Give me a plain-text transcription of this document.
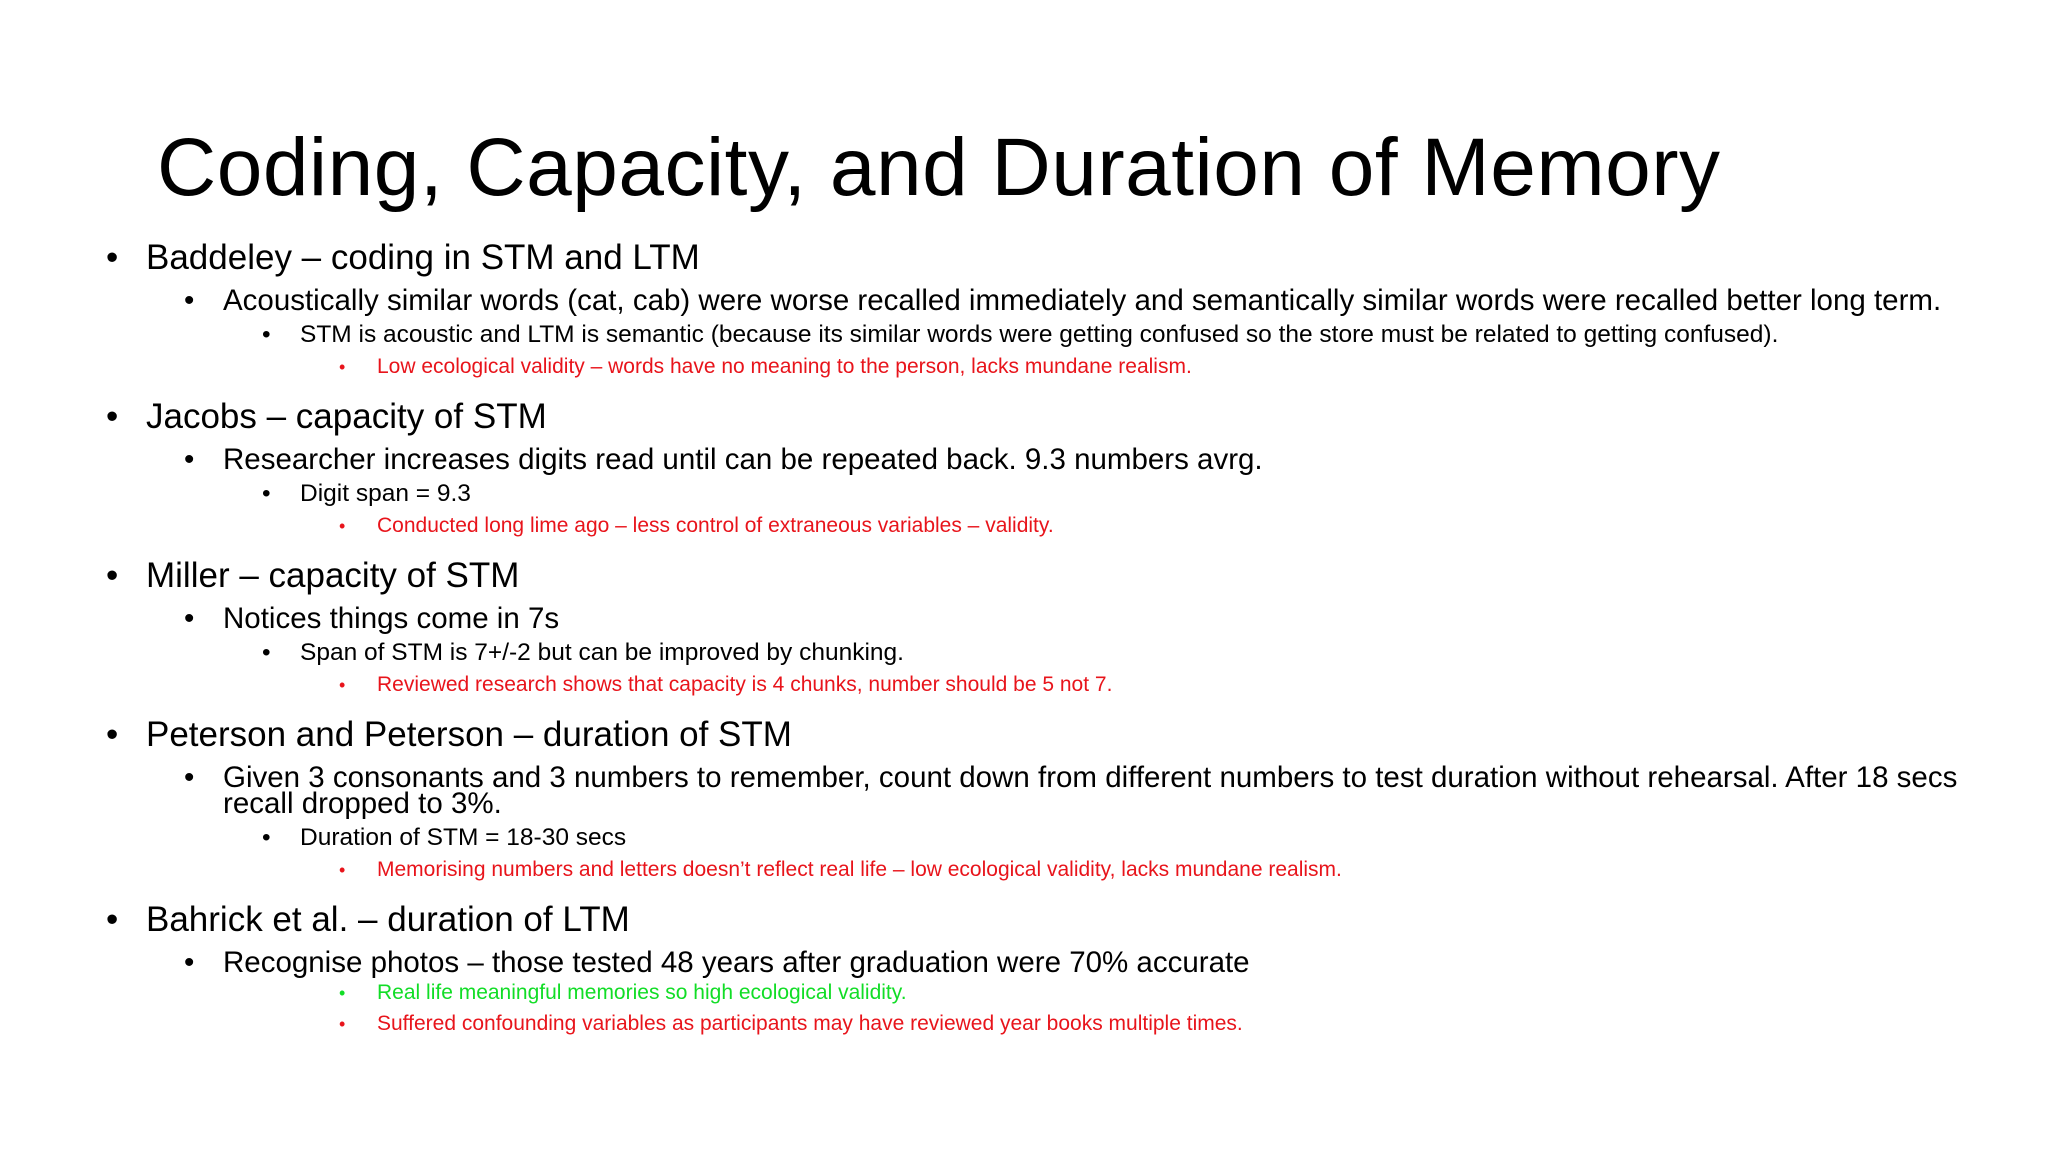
Coding, Capacity, and Duration of Memory
• Baddeley – coding in STM and LTM
• Acoustically similar words (cat, cab) were worse recalled immediately and semantically similar words were recalled better long term.
• STM is acoustic and LTM is semantic (because its similar words were getting confused so the store must be related to getting confused).
• Low ecological validity – words have no meaning to the person, lacks mundane realism.
• Jacobs – capacity of STM
• Researcher increases digits read until can be repeated back. 9.3 numbers avrg.
• Digit span = 9.3
• Conducted long lime ago – less control of extraneous variables – validity.
• Miller – capacity of STM
• Notices things come in 7s
• Span of STM is 7+/-2 but can be improved by chunking.
• Reviewed research shows that capacity is 4 chunks, number should be 5 not 7.
• Peterson and Peterson – duration of STM
• Given 3 consonants and 3 numbers to remember, count down from different numbers to test duration without rehearsal. After 18 secs recall dropped to 3%.
• Duration of STM = 18-30 secs
• Memorising numbers and letters doesn’t reflect real life – low ecological validity, lacks mundane realism.
• Bahrick et al. – duration of LTM
• Recognise photos – those tested 48 years after graduation were 70% accurate
• Real life meaningful memories so high ecological validity.
• Suffered confounding variables as participants may have reviewed year books multiple times.
